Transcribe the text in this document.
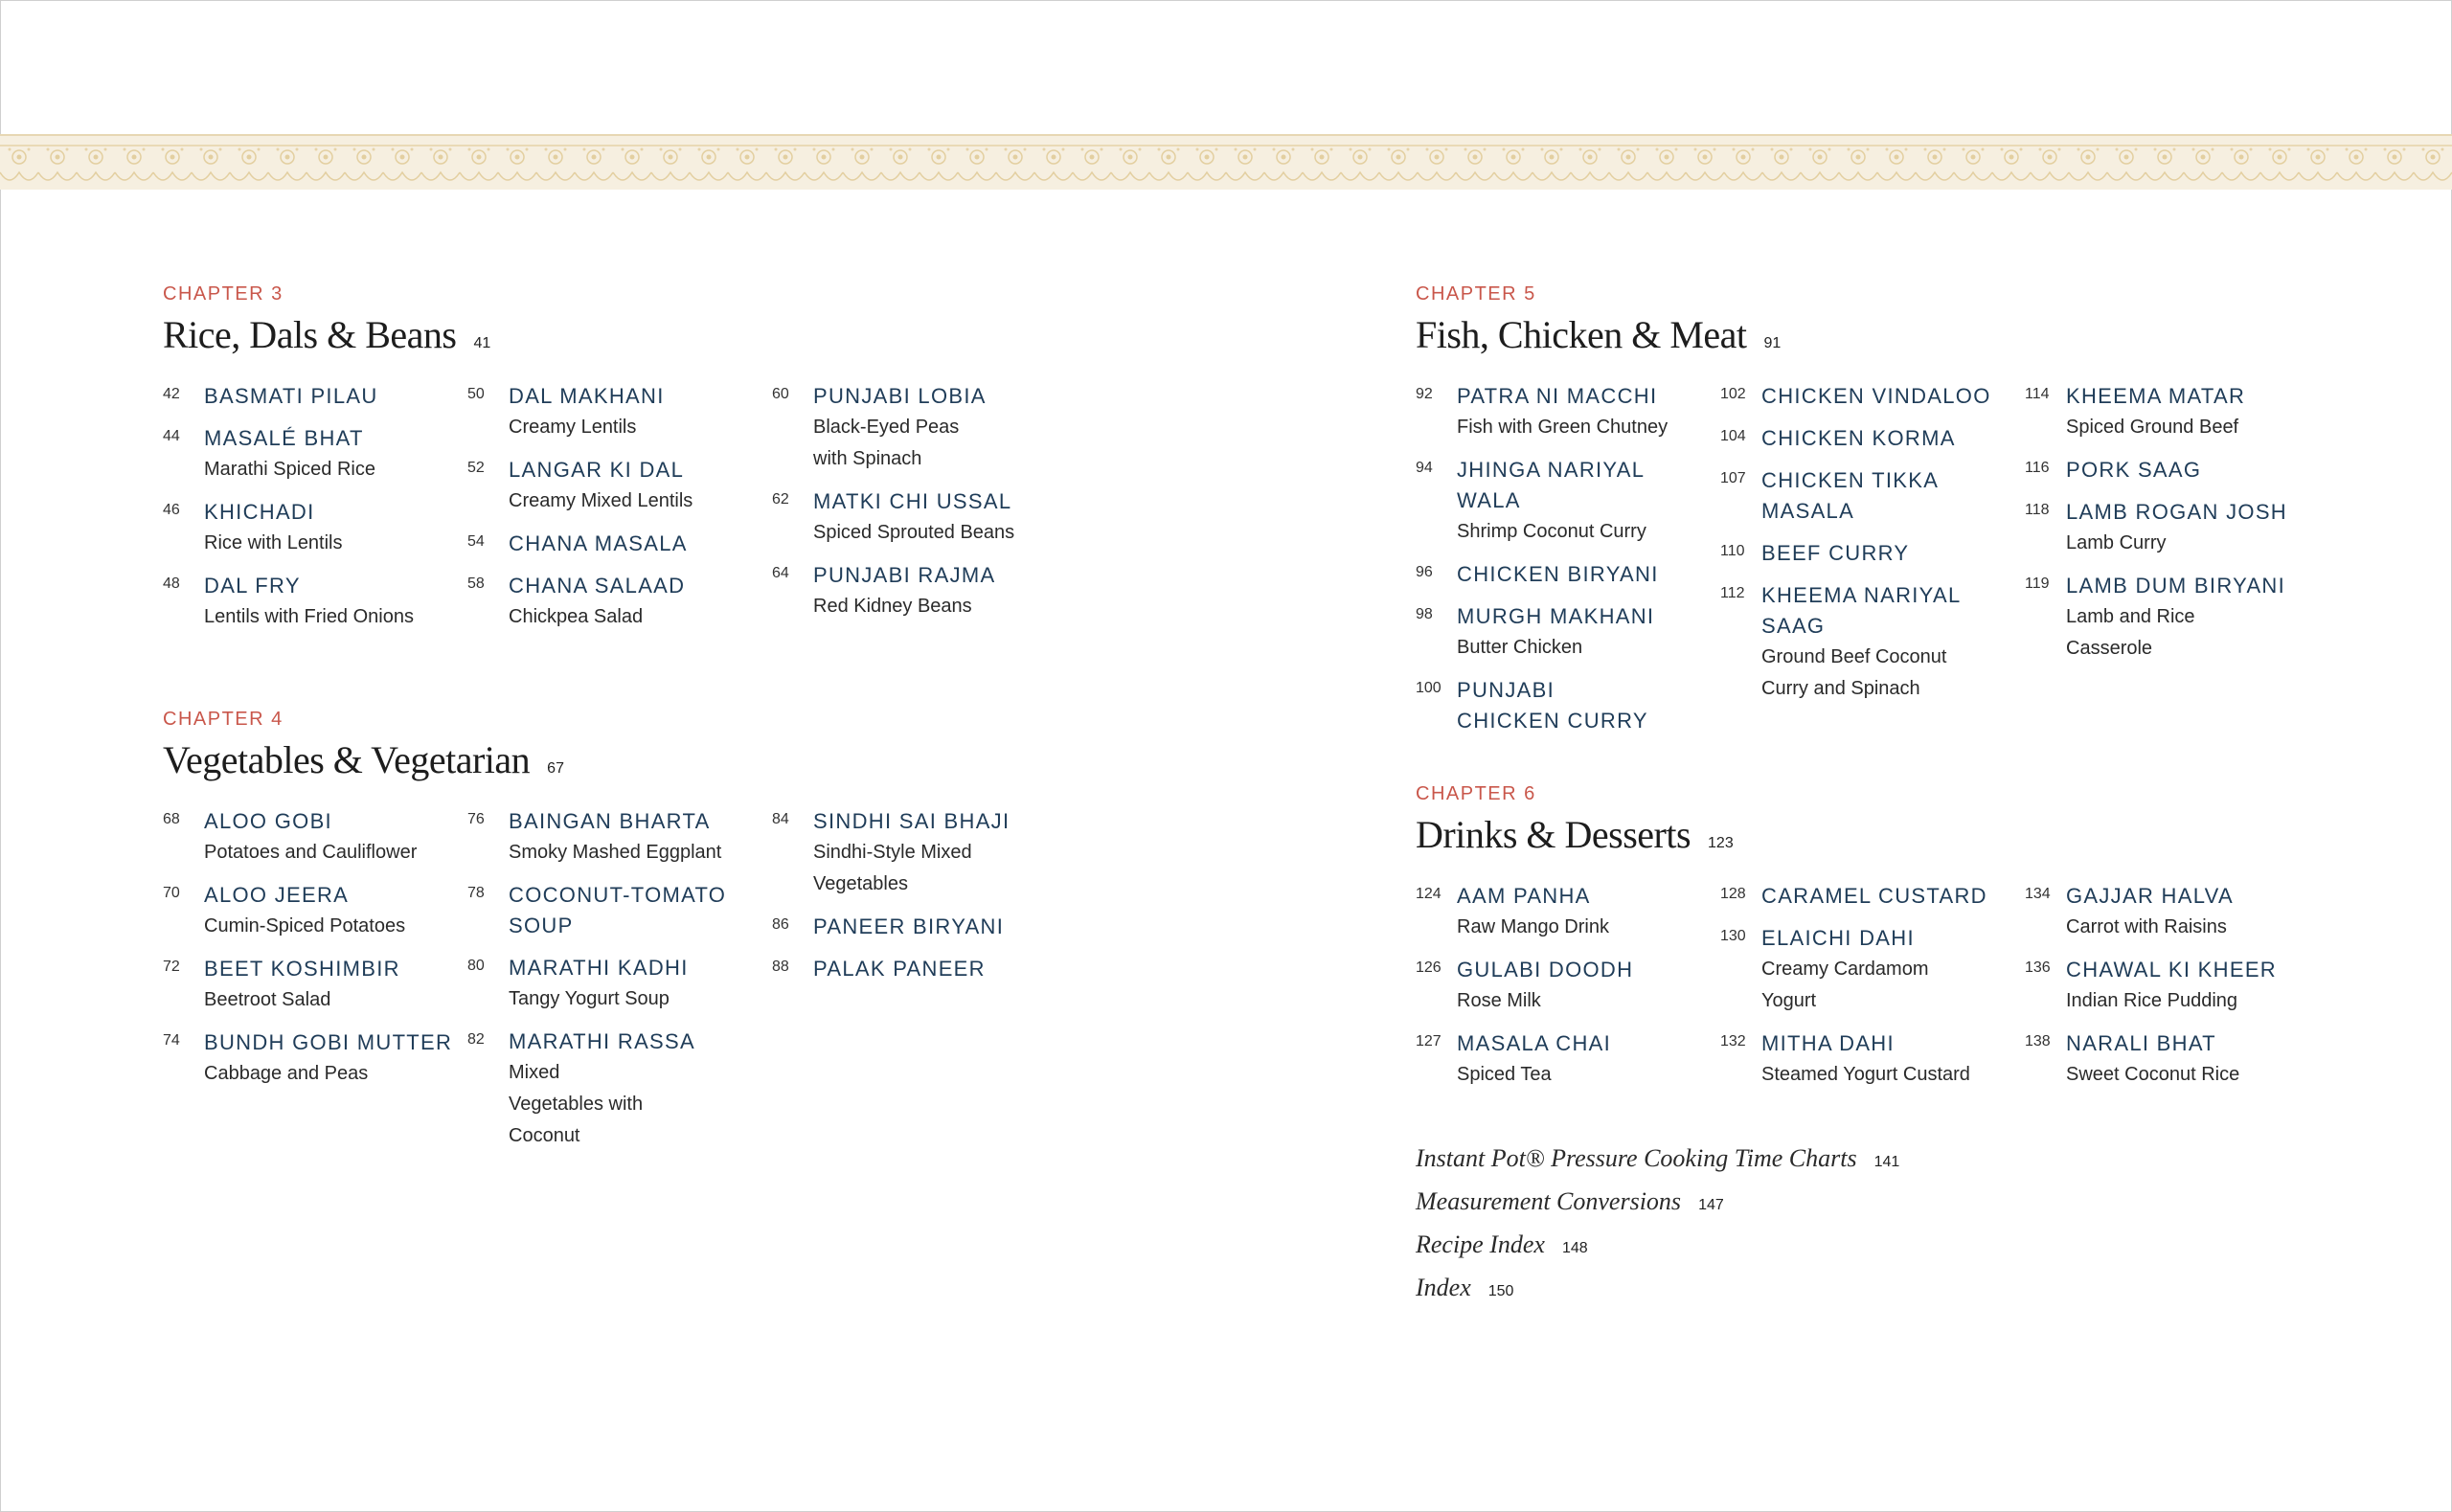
CHAPTER 3
Rice, Dals & Beans 41
42	BASMATI PILAU
44	MASALÉ BHAT
Marathi Spiced Rice
46	KHICHADI
Rice with Lentils
48	DAL FRY
Lentils with Fried Onions
50	DAL MAKHANI
Creamy Lentils
52	LANGAR KI DAL
Creamy Mixed Lentils
54	CHANA MASALA
58	CHANA SALAAD
Chickpea Salad
60	PUNJABI LOBIA
Black-Eyed Peas with Spinach
62	MATKI CHI USSAL
Spiced Sprouted Beans
64	PUNJABI RAJMA
Red Kidney Beans
CHAPTER 4
Vegetables & Vegetarian 67
68	ALOO GOBI
Potatoes and Cauliflower
70	ALOO JEERA
Cumin-Spiced Potatoes
72	BEET KOSHIMBIR
Beetroot Salad
74	BUNDH GOBI MUTTER
Cabbage and Peas
76	BAINGAN BHARTA
Smoky Mashed Eggplant
78	COCONUT-TOMATO SOUP
80	MARATHI KADHI
Tangy Yogurt Soup
82	MARATHI RASSA
Mixed Vegetables with Coconut
84	SINDHI SAI BHAJI
Sindhi-Style Mixed Vegetables
86	PANEER BIRYANI
88	PALAK PANEER
CHAPTER 5
Fish, Chicken & Meat 91
92	PATRA NI MACCHI
Fish with Green Chutney
94	JHINGA NARIYAL WALA
Shrimp Coconut Curry
96	CHICKEN BIRYANI
98	MURGH MAKHANI
Butter Chicken
100 PUNJABI CHICKEN CURRY
102 CHICKEN VINDALOO
104 CHICKEN KORMA
107 CHICKEN TIKKA MASALA
110 BEEF CURRY
112 KHEEMA NARIYAL SAAG
Ground Beef Coconut Curry and Spinach
114 KHEEMA MATAR
Spiced Ground Beef
116 PORK SAAG
118 LAMB ROGAN JOSH
Lamb Curry
119 LAMB DUM BIRYANI
Lamb and Rice Casserole
CHAPTER 6
Drinks & Desserts 123
124 AAM PANHA
Raw Mango Drink
126 GULABI DOODH
Rose Milk
127 MASALA CHAI
Spiced Tea
128 CARAMEL CUSTARD
130 ELAICHI DAHI
Creamy Cardamom Yogurt
132 MITHA DAHI
Steamed Yogurt Custard
134 GAJJAR HALVA
Carrot with Raisins
136 CHAWAL KI KHEER
Indian Rice Pudding
138 NARALI BHAT
Sweet Coconut Rice
Instant Pot® Pressure Cooking Time Charts 141
Measurement Conversions 147
Recipe Index 148
Index 150
